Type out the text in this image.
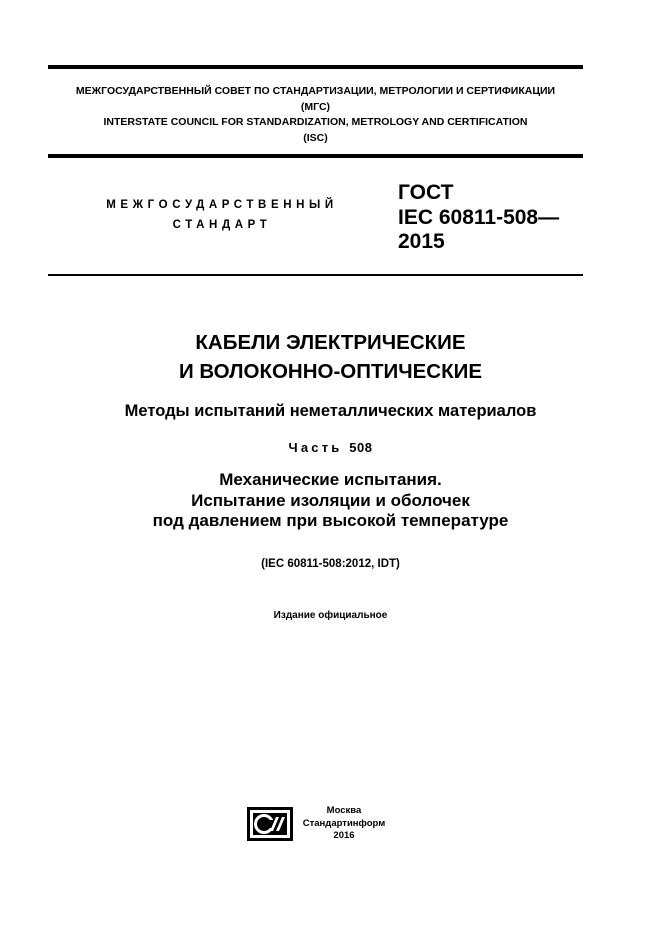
МЕЖГОСУДАРСТВЕННЫЙ СОВЕТ ПО СТАНДАРТИЗАЦИИ, МЕТРОЛОГИИ И СЕРТИФИКАЦИИ
(МГС)
INTERSTATE COUNCIL FOR STANDARDIZATION, METROLOGY AND CERTIFICATION
(ISC)
МЕЖГОСУДАРСТВЕННЫЙ
СТАНДАРТ
ГОСТ
IEC 60811-508—
2015
КАБЕЛИ ЭЛЕКТРИЧЕСКИЕ
И ВОЛОКОННО-ОПТИЧЕСКИЕ
Методы испытаний неметаллических материалов
Часть 508
Механические испытания.
Испытание изоляции и оболочек
под давлением при высокой температуре
(IEC 60811-508:2012, IDT)
Издание официальное
Москва
Стандартинформ
2016
